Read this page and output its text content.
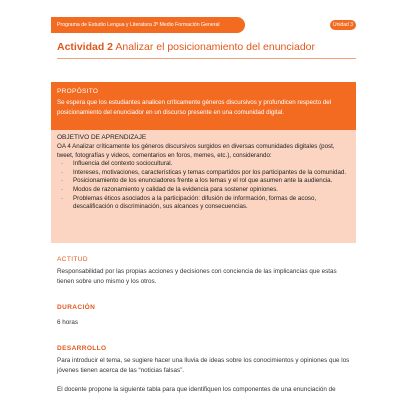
Programa de Estudio Lengua y Literatura 3º Medio Formación General	Unidad 3
Actividad 2 Analizar el posicionamiento del enunciador
PROPÓSITO
Se espera que los estudiantes analicen críticamente géneros discursivos y profundicen respecto del posicionamiento del enunciador en un discurso presente en una comunidad digital.
OBJETIVO DE APRENDIZAJE
OA 4 Analizar críticamente los géneros discursivos surgidos en diversas comunidades digitales (post, tweet, fotografías y videos, comentarios en foros, memes, etc.), considerando:
· Influencia del contexto sociocultural.
· Intereses, motivaciones, características y temas compartidos por los participantes de la comunidad.
· Posicionamiento de los enunciadores frente a los temas y el rol que asumen ante la audiencia.
· Modos de razonamiento y calidad de la evidencia para sostener opiniones.
· Problemas éticos asociados a la participación: difusión de información, formas de acoso, descalificación o discriminación, sus alcances y consecuencias.
ACTITUD
Responsabilidad por las propias acciones y decisiones con conciencia de las implicancias que estas tienen sobre uno mismo y los otros.
DURACIÓN
6 horas
DESARROLLO
Para introducir el tema, se sugiere hacer una lluvia de ideas sobre los conocimientos y opiniones que los jóvenes tienen acerca de las “noticias falsas”.
El docente propone la siguiente tabla para que identifiquen los componentes de una enunciación de
